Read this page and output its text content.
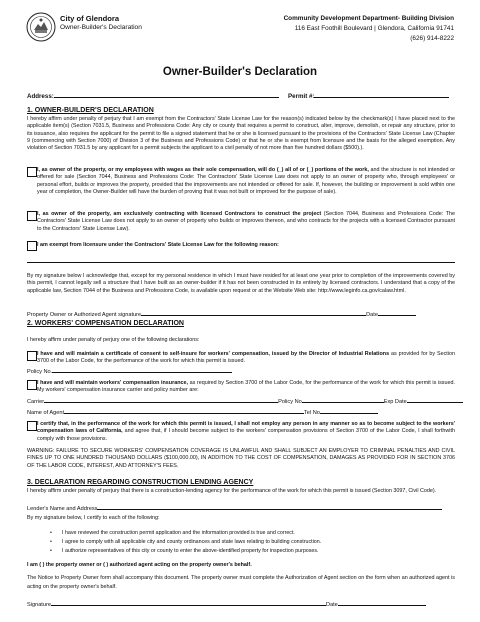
City of Glendora
Owner-Builder's Declaration
Community Development Department- Building Division
116 East Foothill Boulevard | Glendora, California 91741
(626) 914-8222
Owner-Builder's Declaration
Address:	Permit #:
1. OWNER-BUILDER'S DECLARATION
I hereby affirm under penalty of perjury that I am exempt from the Contractors' State License Law for the reason(s) indicated below by the checkmark(s) I have placed next to the applicable item(s) (Section 7031.5, Business and Professions Code: Any city or county that requires a permit to construct, alter, improve, demolish, or repair any structure, prior to its issuance, also requires the applicant for the permit to file a signed statement that he or she is licensed pursuant to the provisions of the Contractors' State License Law (Chapter 9 (commencing with Section 7000) of Division 3 of the Business and Professions Code) or that he or she is exempt from licensure and the basis for the alleged exemption. Any violation of Section 7031.5 by any applicant for a permit subjects the applicant to a civil penalty of not more than five hundred dollars ($500).).
I, as owner of the property, or my employees with wages as their sole compensation, will do (_) all of or (_) portions of the work, and the structure is not intended or offered for sale (Section 7044, Business and Professions Code: The Contractors' State License Law does not apply to an owner of property who, through employees' or personal effort, builds or improves the property, provided that the improvements are not intended or offered for sale. If, however, the building or improvement is sold within one year of completion, the Owner-Builder will have the burden of proving that it was not built or improved for the purpose of sale).
I, as owner of the property, am exclusively contracting with licensed Contractors to construct the project (Section 7044, Business and Professions Code: The Contractors' State License Law does not apply to an owner of property who builds or improves thereon, and who contracts for the projects with a licensed Contractor pursuant to the Contractors' State License Law).
I am exempt from licensure under the Contractors' State License Law for the following reason:
By my signature below I acknowledge that, except for my personal residence in which I must have resided for at least one year prior to completion of the improvements covered by this permit, I cannot legally sell a structure that I have built as an owner-builder if it has not been constructed in its entirety by licensed contractors. I understand that a copy of the applicable law, Section 7044 of the Business and Professions Code, is available upon request or at the Website Web site: http://www.leginfo.ca.gov/calaw.html.
Property Owner or Authorized Agent signature	Date
2. WORKERS' COMPENSATION DECLARATION
I hereby affirm under penalty of perjury one of the following declarations:
I have and will maintain a certificate of consent to self-insure for workers' compensation, issued by the Director of Industrial Relations as provided for by Section 3700 of the Labor Code, for the performance of the work for which this permit is issued.
Policy No.
I have and will maintain workers' compensation insurance, as required by Section 3700 of the Labor Code, for the performance of the work for which this permit is issued. My workers' compensation insurance carrier and policy number are:
Carrier	Policy No	Exp Date
Name of Agent	Tel No
I certify that, in the performance of the work for which this permit is issued, I shall not employ any person in any manner so as to become subject to the workers' compensation laws of California, and agree that, if I should become subject to the workers' compensation provisions of Section 3700 of the Labor Code, I shall forthwith comply with those provisions.
WARNING: FAILURE TO SECURE WORKERS' COMPENSATION COVERAGE IS UNLAWFUL AND SHALL SUBJECT AN EMPLOYER TO CRIMINAL PENALTIES AND CIVIL FINES UP TO ONE HUNDRED THOUSAND DOLLARS ($100,000.00), IN ADDITION TO THE COST OF COMPENSATION, DAMAGES AS PROVIDED FOR IN SECTION 3706 OF THE LABOR CODE, INTEREST, AND ATTORNEY'S FEES.
3. DECLARATION REGARDING CONSTRUCTION LENDING AGENCY
I hereby affirm under penalty of perjury that there is a construction-lending agency for the performance of the work for which this permit is issued (Section 3097, Civil Code).
Lender's Name and Address
By my signature below, I certify to each of the following:
• I have reviewed the construction permit application and the information provided is true and correct.
• I agree to comply with all applicable city and county ordinances and state laws relating to building construction.
• I authorize representatives of this city or county to enter the above-identified property for inspection purposes.
I am ( ) the property owner or ( ) authorized agent acting on the property owner's behalf.
The Notice to Property Owner form shall accompany this document. The property owner must complete the Authorization of Agent section on the form when an authorized agent is acting on the property owner's behalf.
Signature	Date
